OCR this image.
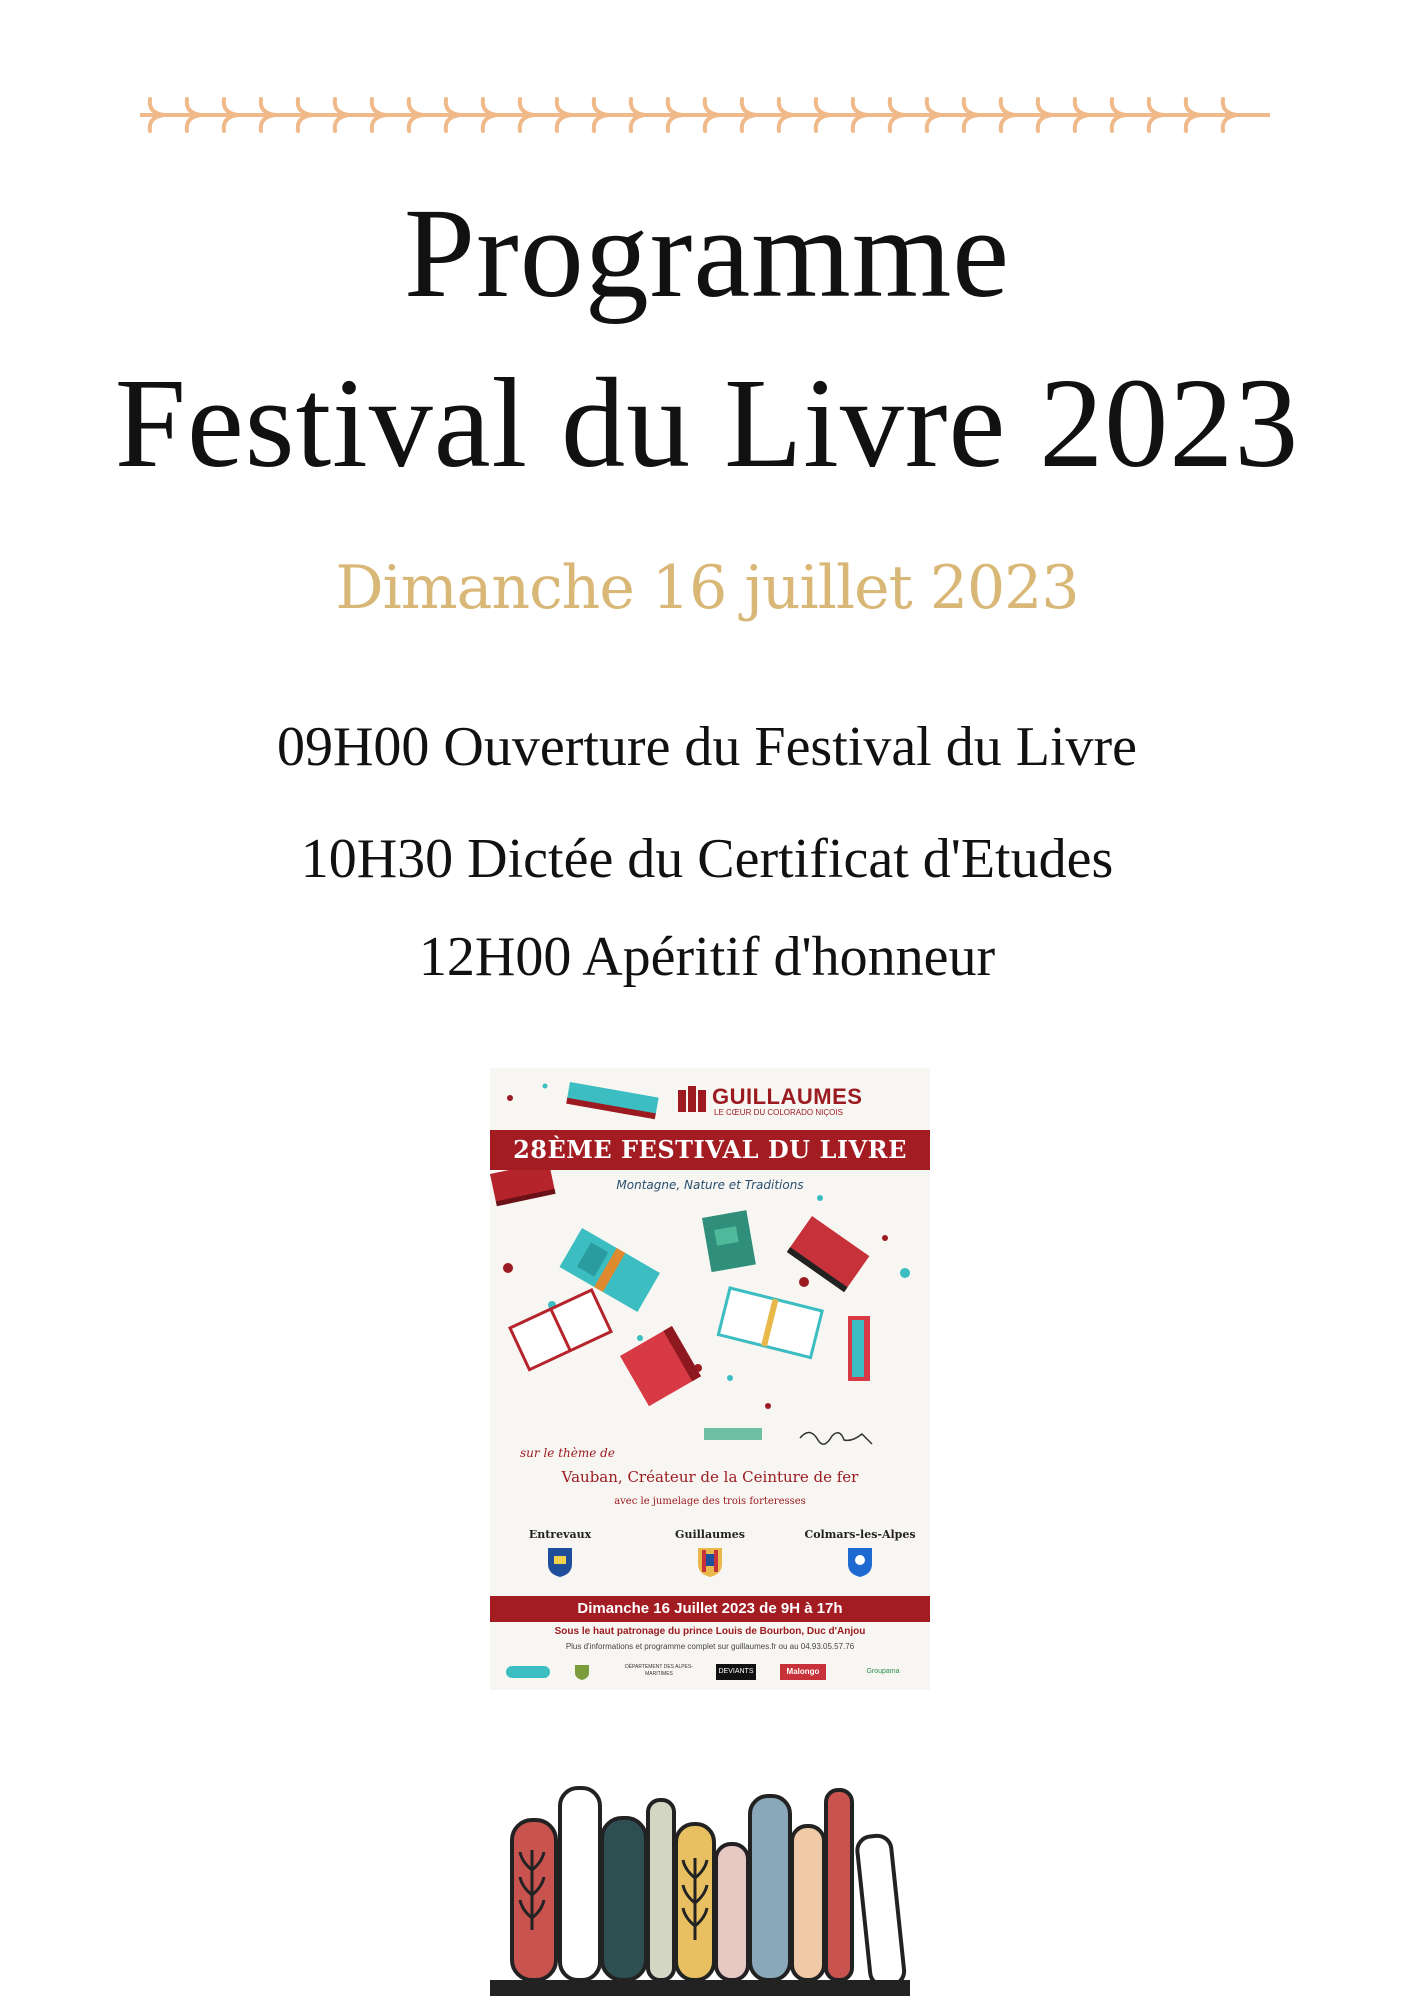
Programme
Festival du Livre 2023
Dimanche 16 juillet 2023

09H00 Ouverture du Festival du Livre

10H30 Dictée du Certificat d'Etudes

12H00 Apéritif d'honneur

GUILLAUMES
LE CŒUR DU COLORADO NIÇOIS
28ÈME FESTIVAL DU LIVRE
Montagne, Nature et Traditions
sur le thème de
Vauban, Créateur de la Ceinture de fer
avec le jumelage des trois forteresses
Entrevaux	Guillaumes	Colmars-les-Alpes
Dimanche 16 Juillet 2023 de 9H à 17h
Sous le haut patronage du prince Louis de Bourbon, Duc d'Anjou
Plus d'informations et programme complet sur guillaumes.fr ou au 04.93.05.57.76
DÉPARTEMENT DES ALPES-MARITIMES	DEVIANTS	Malongo	Groupama
